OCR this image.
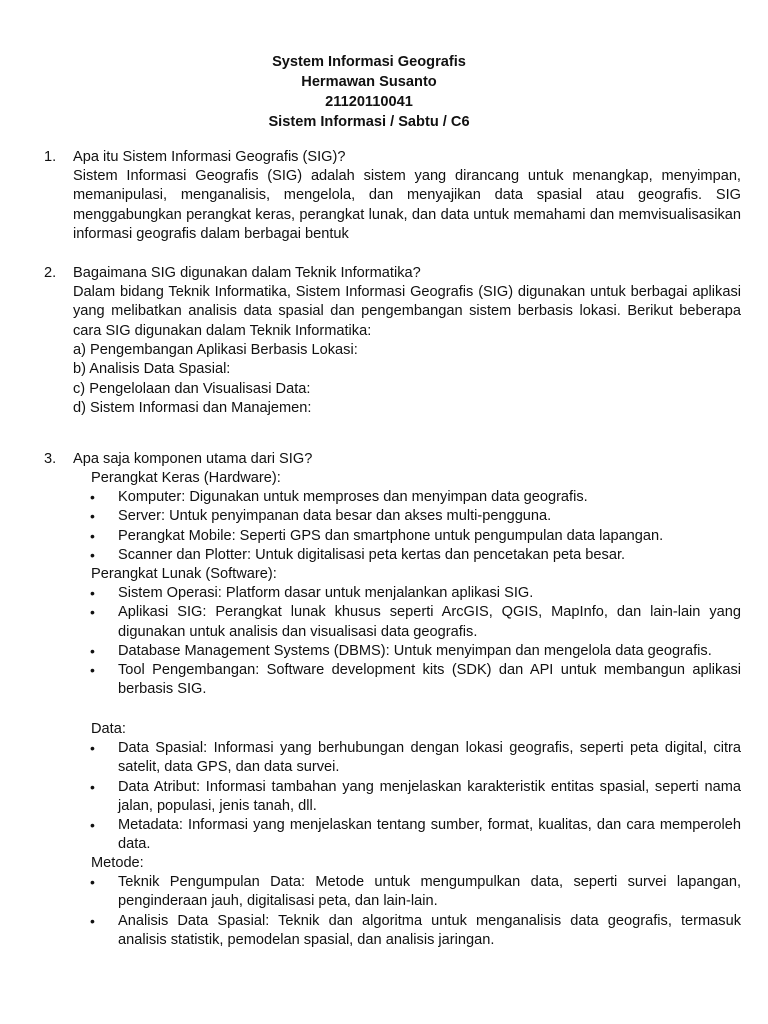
System Informasi Geografis
Hermawan Susanto
21120110041
Sistem Informasi / Sabtu / C6
1. Apa itu Sistem Informasi Geografis (SIG)?
Sistem Informasi Geografis (SIG) adalah sistem yang dirancang untuk menangkap, menyimpan, memanipulasi, menganalisis, mengelola, dan menyajikan data spasial atau geografis. SIG menggabungkan perangkat keras, perangkat lunak, dan data untuk memahami dan memvisualisasikan informasi geografis dalam berbagai bentuk
2. Bagaimana SIG digunakan dalam Teknik Informatika?
Dalam bidang Teknik Informatika, Sistem Informasi Geografis (SIG) digunakan untuk berbagai aplikasi yang melibatkan analisis data spasial dan pengembangan sistem berbasis lokasi. Berikut beberapa cara SIG digunakan dalam Teknik Informatika:
a) Pengembangan Aplikasi Berbasis Lokasi:
b) Analisis Data Spasial:
c) Pengelolaan dan Visualisasi Data:
d) Sistem Informasi dan Manajemen:
3. Apa saja komponen utama dari SIG?
Perangkat Keras (Hardware):
• Komputer: Digunakan untuk memproses dan menyimpan data geografis.
• Server: Untuk penyimpanan data besar dan akses multi-pengguna.
• Perangkat Mobile: Seperti GPS dan smartphone untuk pengumpulan data lapangan.
• Scanner dan Plotter: Untuk digitalisasi peta kertas dan pencetakan peta besar.
Perangkat Lunak (Software):
• Sistem Operasi: Platform dasar untuk menjalankan aplikasi SIG.
• Aplikasi SIG: Perangkat lunak khusus seperti ArcGIS, QGIS, MapInfo, dan lain-lain yang digunakan untuk analisis dan visualisasi data geografis.
• Database Management Systems (DBMS): Untuk menyimpan dan mengelola data geografis.
• Tool Pengembangan: Software development kits (SDK) dan API untuk membangun aplikasi berbasis SIG.
Data:
• Data Spasial: Informasi yang berhubungan dengan lokasi geografis, seperti peta digital, citra satelit, data GPS, dan data survei.
• Data Atribut: Informasi tambahan yang menjelaskan karakteristik entitas spasial, seperti nama jalan, populasi, jenis tanah, dll.
• Metadata: Informasi yang menjelaskan tentang sumber, format, kualitas, dan cara memperoleh data.
Metode:
• Teknik Pengumpulan Data: Metode untuk mengumpulkan data, seperti survei lapangan, penginderaan jauh, digitalisasi peta, dan lain-lain.
• Analisis Data Spasial: Teknik dan algoritma untuk menganalisis data geografis, termasuk analisis statistik, pemodelan spasial, dan analisis jaringan.
